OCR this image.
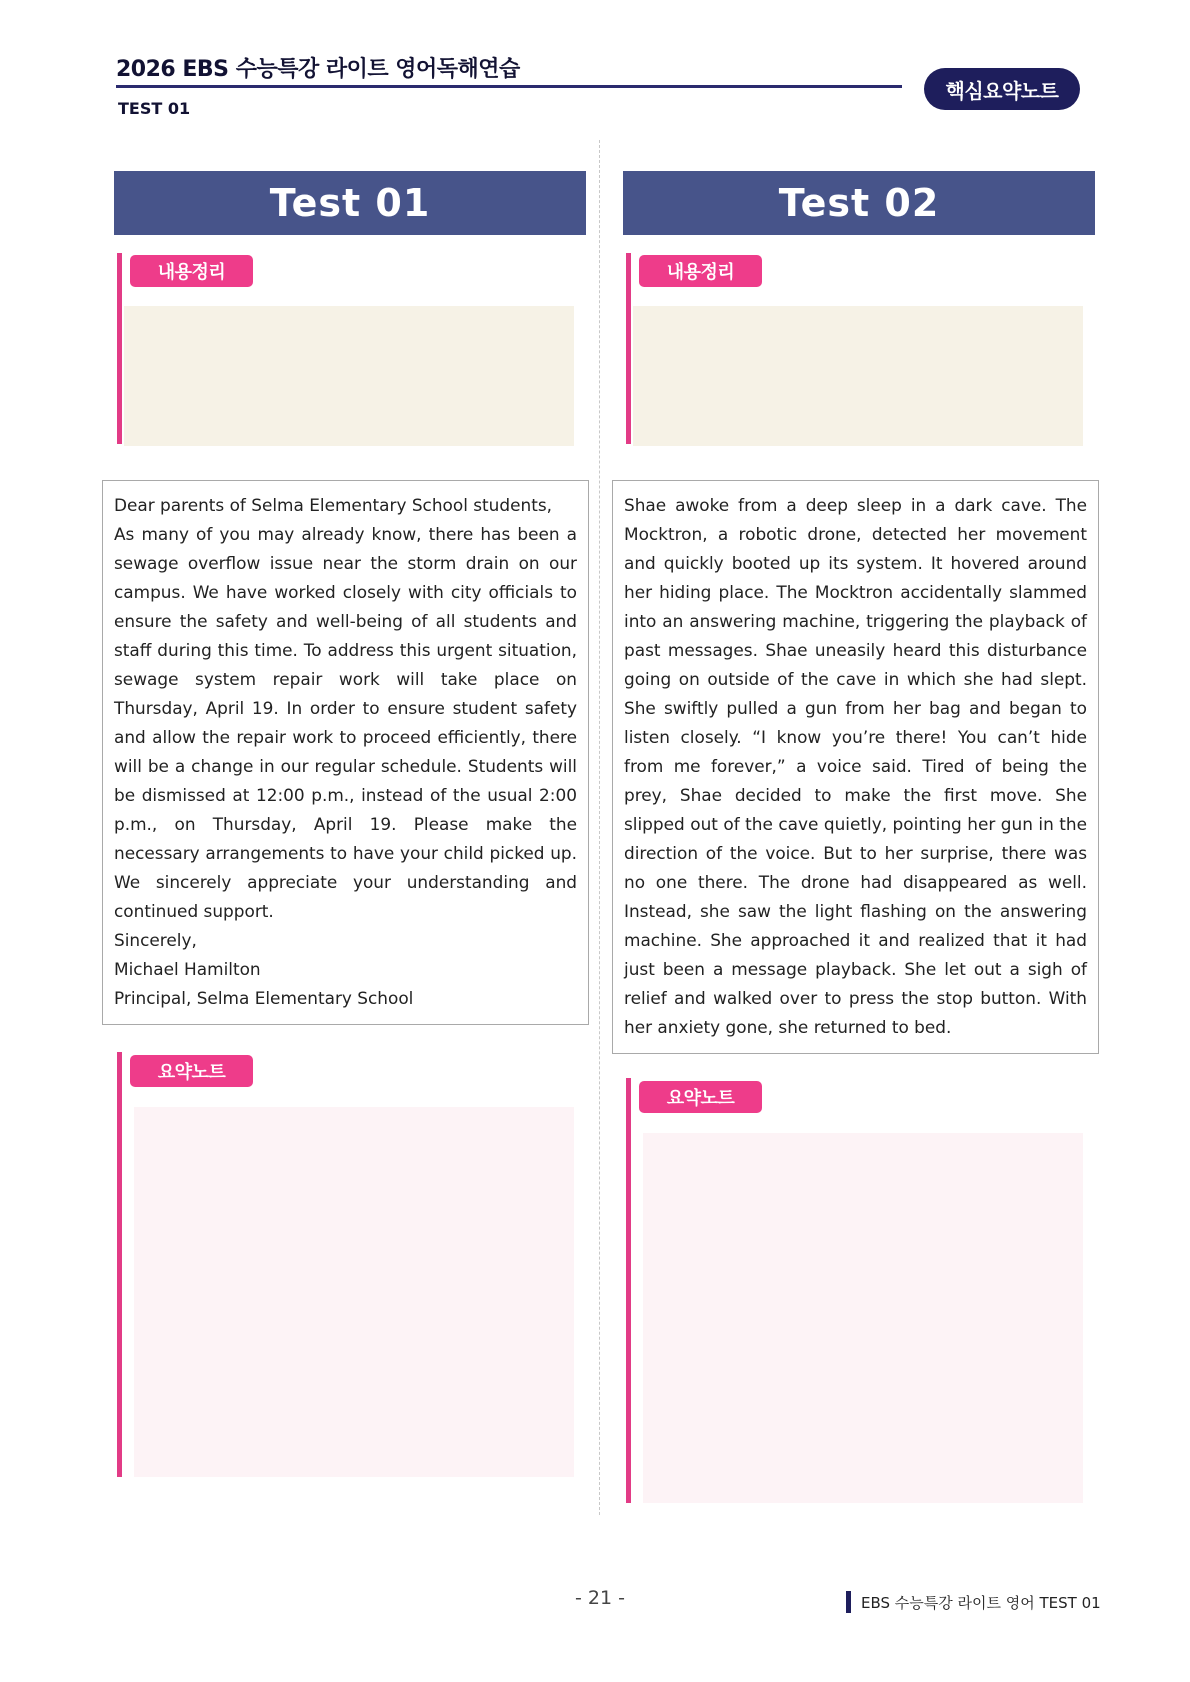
2026 EBS 수능특강 라이트 영어독해연습
TEST 01
핵심요약노트
Test 01
내용정리

Dear parents of Selma Elementary School students,

As many of you may already know, there has been a sewage overflow issue near the storm drain on our campus. We have worked closely with city officials to ensure the safety and well-being of all students and staff during this time. To address this urgent situation, sewage system repair work will take place on Thursday, April 19. In order to ensure student safety and allow the repair work to proceed efficiently, there will be a change in our regular schedule. Students will be dismissed at 12:00 p.m., instead of the usual 2:00 p.m., on Thursday, April 19. Please make the necessary arrangements to have your child picked up. We sincerely appreciate your understanding and continued support.

Sincerely,

Michael Hamilton

Principal, Selma Elementary School

요약노트
Test 02
내용정리

Shae awoke from a deep sleep in a dark cave. The Mocktron, a robotic drone, detected her movement and quickly booted up its system. It hovered around her hiding place. The Mocktron accidentally slammed into an answering machine, triggering the playback of past messages. Shae uneasily heard this disturbance going on outside of the cave in which she had slept. She swiftly pulled a gun from her bag and began to listen closely. “I know you’re there! You can’t hide from me forever,” a voice said. Tired of being the prey, Shae decided to make the first move. She slipped out of the cave quietly, pointing her gun in the direction of the voice. But to her surprise, there was no one there. The drone had disappeared as well. Instead, she saw the light flashing on the answering machine. She approached it and realized that it had just been a message playback. She let out a sigh of relief and walked over to press the stop button. With her anxiety gone, she returned to bed.

요약노트
- 21 -	EBS 수능특강 라이트 영어 TEST 01
